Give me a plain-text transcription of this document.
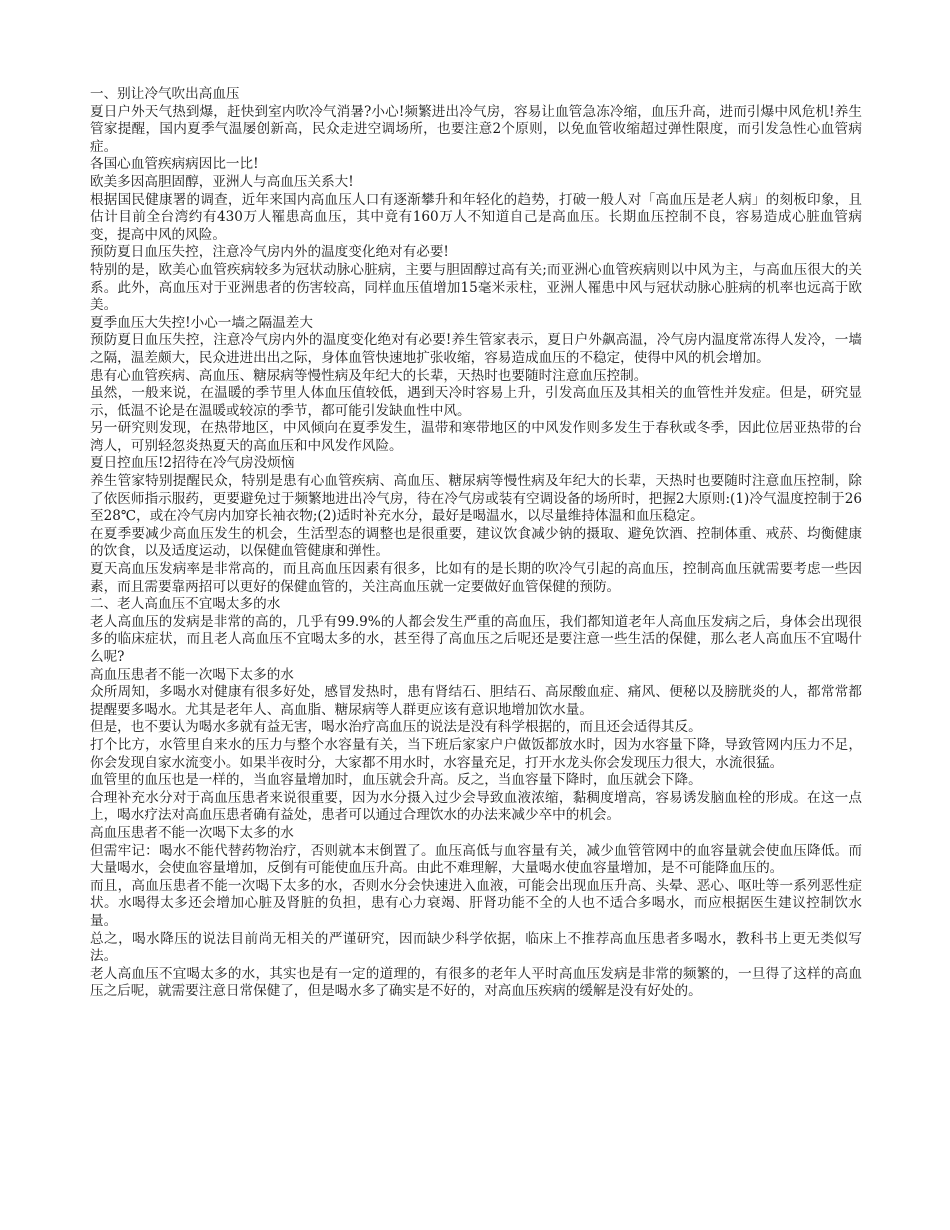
一、别让冷气吹出高血压

夏日户外天气热到爆，赶快到室内吹冷气消暑?小心!频繁进出冷气房，容易让血管急冻冷缩，血压升高，进而引爆中风危机!养生管家提醒，国内夏季气温屡创新高，民众走进空调场所，也要注意2个原则，以免血管收缩超过弹性限度，而引发急性心血管病症。

各国心血管疾病病因比一比!

欧美多因高胆固醇，亚洲人与高血压关系大!

根据国民健康署的调查，近年来国内高血压人口有逐渐攀升和年轻化的趋势，打破一般人对「高血压是老人病」的刻板印象，且估计目前全台湾约有430万人罹患高血压，其中竟有160万人不知道自己是高血压。长期血压控制不良，容易造成心脏血管病变，提高中风的风险。

预防夏日血压失控，注意冷气房内外的温度变化绝对有必要!

特别的是，欧美心血管疾病较多为冠状动脉心脏病，主要与胆固醇过高有关;而亚洲心血管疾病则以中风为主，与高血压很大的关系。此外，高血压对于亚洲患者的伤害较高，同样血压值增加15毫米汞柱，亚洲人罹患中风与冠状动脉心脏病的机率也远高于欧美。

夏季血压大失控!小心一墙之隔温差大

预防夏日血压失控，注意冷气房内外的温度变化绝对有必要!养生管家表示，夏日户外飙高温，冷气房内温度常冻得人发冷，一墙之隔，温差颇大，民众进进出出之际，身体血管快速地扩张收缩，容易造成血压的不稳定，使得中风的机会增加。

患有心血管疾病、高血压、糖尿病等慢性病及年纪大的长辈，天热时也要随时注意血压控制。

虽然，一般来说，在温暖的季节里人体血压值较低，遇到天冷时容易上升，引发高血压及其相关的血管性并发症。但是，研究显示，低温不论是在温暖或较凉的季节，都可能引发缺血性中风。

另一研究则发现，在热带地区，中风倾向在夏季发生，温带和寒带地区的中风发作则多发生于春秋或冬季，因此位居亚热带的台湾人，可别轻忽炎热夏天的高血压和中风发作风险。

夏日控血压!2招待在冷气房没烦恼

养生管家特别提醒民众，特别是患有心血管疾病、高血压、糖尿病等慢性病及年纪大的长辈，天热时也要随时注意血压控制，除了依医师指示服药，更要避免过于频繁地进出冷气房，待在冷气房或装有空调设备的场所时，把握2大原则:(1)冷气温度控制于26至28℃，或在冷气房内加穿长袖衣物;(2)适时补充水分，最好是喝温水，以尽量维持体温和血压稳定。

在夏季要减少高血压发生的机会，生活型态的调整也是很重要，建议饮食减少钠的摄取、避免饮酒、控制体重、戒菸、均衡健康的饮食，以及适度运动，以保健血管健康和弹性。

夏天高血压发病率是非常高的，而且高血压因素有很多，比如有的是长期的吹冷气引起的高血压，控制高血压就需要考虑一些因素，而且需要靠两招可以更好的保健血管的，关注高血压就一定要做好血管保健的预防。

二、老人高血压不宜喝太多的水

老人高血压的发病是非常的高的，几乎有99.9%的人都会发生严重的高血压，我们都知道老年人高血压发病之后，身体会出现很多的临床症状，而且老人高血压不宜喝太多的水，甚至得了高血压之后呢还是要注意一些生活的保健，那么老人高血压不宜喝什么呢?

高血压患者不能一次喝下太多的水

众所周知，多喝水对健康有很多好处，感冒发热时，患有肾结石、胆结石、高尿酸血症、痛风、便秘以及膀胱炎的人，都常常都提醒要多喝水。尤其是老年人、高血脂、糖尿病等人群更应该有意识地增加饮水量。

但是，也不要认为喝水多就有益无害，喝水治疗高血压的说法是没有科学根据的，而且还会适得其反。

打个比方，水管里自来水的压力与整个水容量有关，当下班后家家户户做饭都放水时，因为水容量下降，导致管网内压力不足，你会发现自家水流变小。如果半夜时分，大家都不用水时，水容量充足，打开水龙头你会发现压力很大，水流很猛。

血管里的血压也是一样的，当血容量增加时，血压就会升高。反之，当血容量下降时，血压就会下降。

合理补充水分对于高血压患者来说很重要，因为水分摄入过少会导致血液浓缩，黏稠度增高，容易诱发脑血栓的形成。在这一点上，喝水疗法对高血压患者确有益处，患者可以通过合理饮水的办法来减少卒中的机会。

高血压患者不能一次喝下太多的水

但需牢记：喝水不能代替药物治疗，否则就本末倒置了。血压高低与血容量有关，减少血管管网中的血容量就会使血压降低。而大量喝水，会使血容量增加，反倒有可能使血压升高。由此不难理解，大量喝水使血容量增加，是不可能降血压的。

而且，高血压患者不能一次喝下太多的水，否则水分会快速进入血液，可能会出现血压升高、头晕、恶心、呕吐等一系列恶性症状。水喝得太多还会增加心脏及肾脏的负担，患有心力衰竭、肝肾功能不全的人也不适合多喝水，而应根据医生建议控制饮水量。

总之，喝水降压的说法目前尚无相关的严谨研究，因而缺少科学依据，临床上不推荐高血压患者多喝水，教科书上更无类似写法。

老人高血压不宜喝太多的水，其实也是有一定的道理的，有很多的老年人平时高血压发病是非常的频繁的，一旦得了这样的高血压之后呢，就需要注意日常保健了，但是喝水多了确实是不好的，对高血压疾病的缓解是没有好处的。
